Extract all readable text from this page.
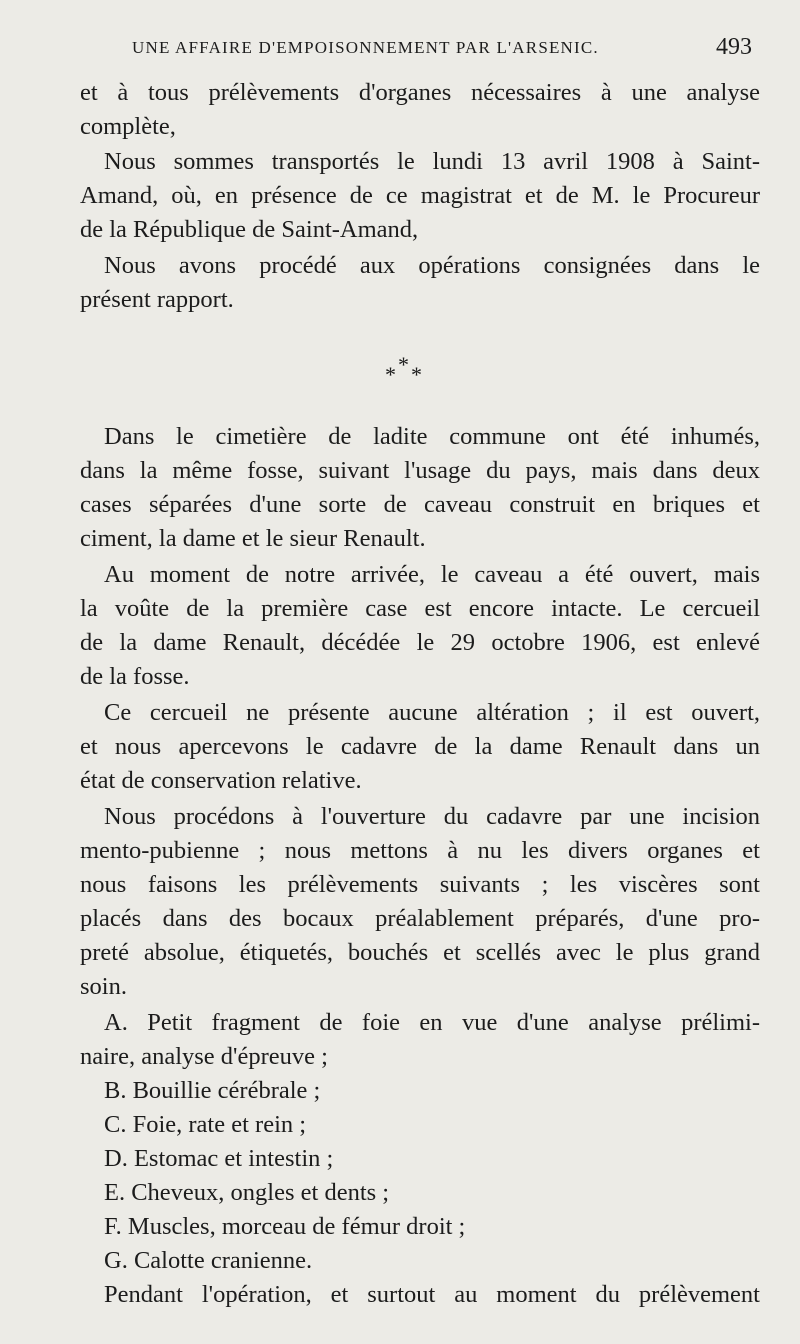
UNE AFFAIRE D'EMPOISONNEMENT PAR L'ARSENIC.	493
et à tous prélèvements d'organes nécessaires à une analyse
complète,
Nous sommes transportés le lundi 13 avril 1908 à Saint-
Amand, où, en présence de ce magistrat et de M. le Procureur
de la République de Saint-Amand,
Nous avons procédé aux opérations consignées dans le
présent rapport.
*
* *
Dans le cimetière de ladite commune ont été inhumés,
dans la même fosse, suivant l'usage du pays, mais dans deux
cases séparées d'une sorte de caveau construit en briques et
ciment, la dame et le sieur Renault.
Au moment de notre arrivée, le caveau a été ouvert, mais
la voûte de la première case est encore intacte. Le cercueil
de la dame Renault, décédée le 29 octobre 1906, est enlevé
de la fosse.
Ce cercueil ne présente aucune altération ; il est ouvert,
et nous apercevons le cadavre de la dame Renault dans un
état de conservation relative.
Nous procédons à l'ouverture du cadavre par une incision
mento-pubienne ; nous mettons à nu les divers organes et
nous faisons les prélèvements suivants ; les viscères sont
placés dans des bocaux préalablement préparés, d'une pro-
preté absolue, étiquetés, bouchés et scellés avec le plus grand
soin.
A. Petit fragment de foie en vue d'une analyse prélimi-
naire, analyse d'épreuve ;
B. Bouillie cérébrale ;
C. Foie, rate et rein ;
D. Estomac et intestin ;
E. Cheveux, ongles et dents ;
F. Muscles, morceau de fémur droit ;
G. Calotte cranienne.
Pendant l'opération, et surtout au moment du prélèvement
